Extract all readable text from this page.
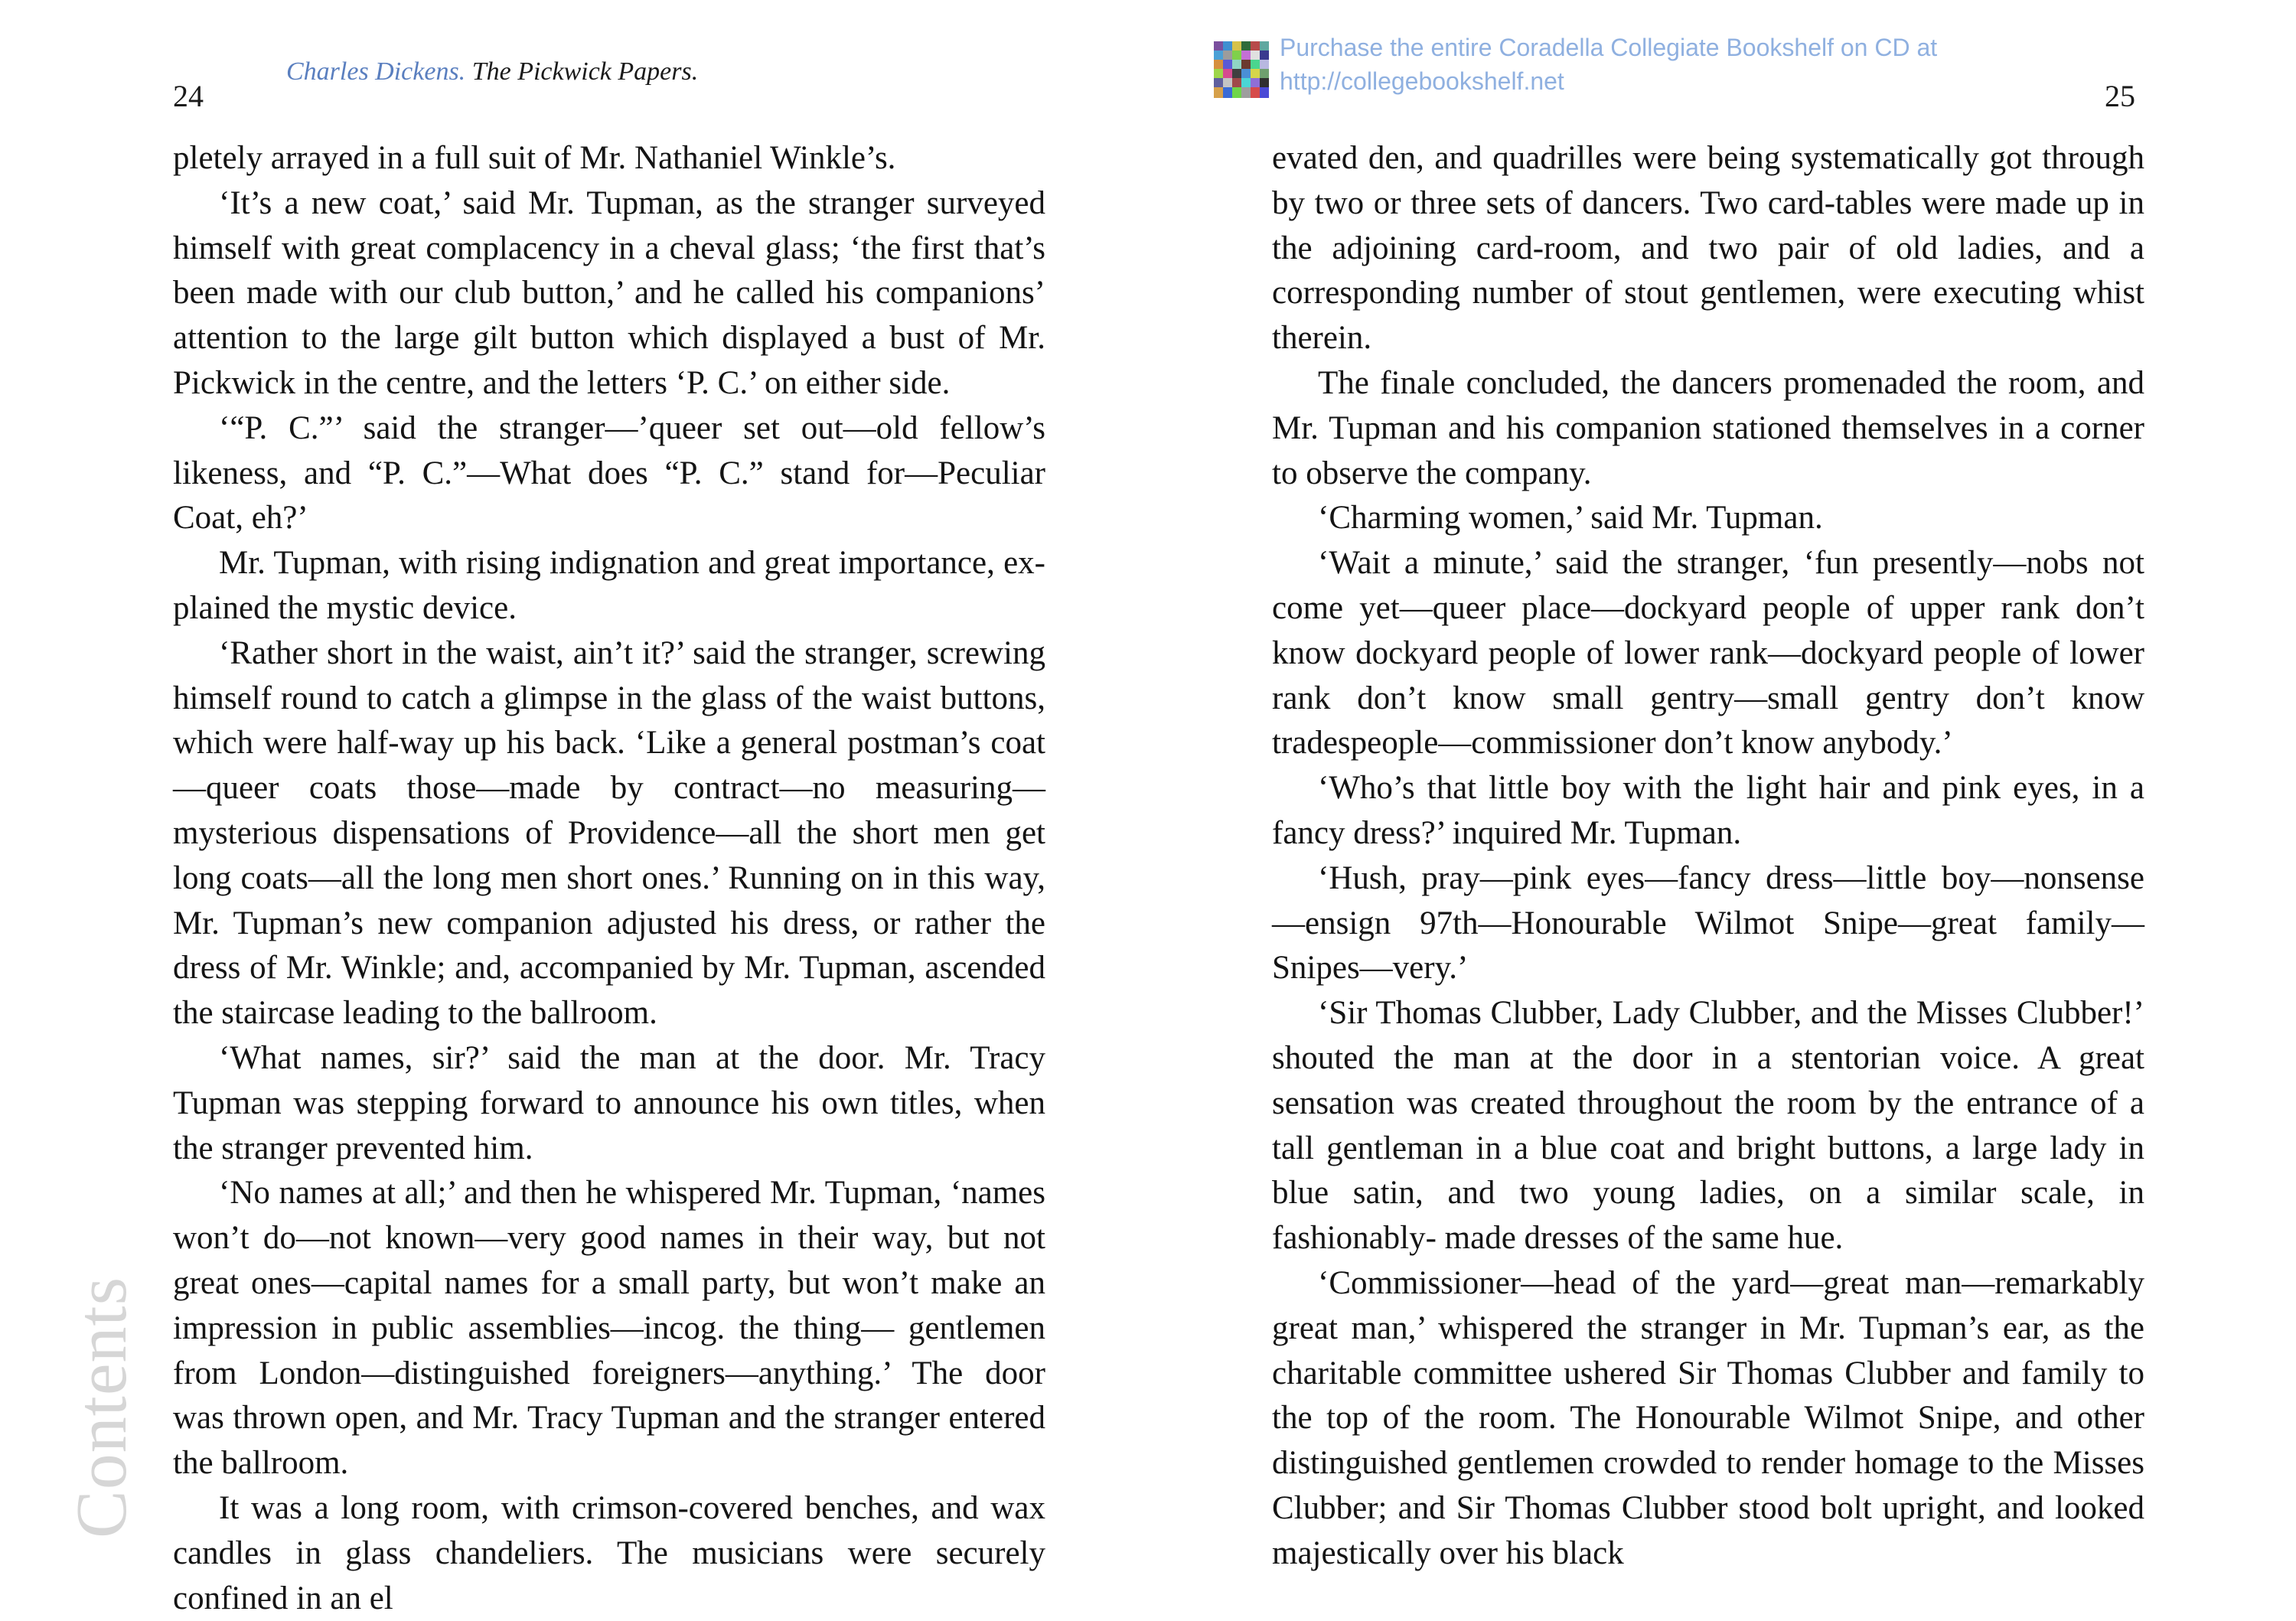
24
Charles Dickens. The Pickwick Papers.

pletely arrayed in a full suit of Mr. Nathaniel Winkle’s.

‘It’s a new coat,’ said Mr. Tupman, as the stranger surveyed himself with great complacency in a cheval glass; ‘the first that’s been made with our club button,’ and he called his companions’ attention to the large gilt button which displayed a bust of Mr. Pickwick in the centre, and the letters ‘P. C.’ on either side.

‘“P. C.”’ said the stranger—’queer set out—old fellow’s likeness, and “P. C.”—What does “P. C.” stand for—Peculiar Coat, eh?’

Mr. Tupman, with rising indignation and great importance, explained the mystic device.

‘Rather short in the waist, ain’t it?’ said the stranger, screwing himself round to catch a glimpse in the glass of the waist buttons, which were half-way up his back. ‘Like a general postman’s coat —queer coats those—made by contract—no measuring— mysterious dispensations of Providence—all the short men get long coats—all the long men short ones.’ Running on in this way, Mr. Tupman’s new companion adjusted his dress, or rather the dress of Mr. Winkle; and, accompanied by Mr. Tupman, ascended the staircase leading to the ballroom.

‘What names, sir?’ said the man at the door. Mr. Tracy Tupman was stepping forward to announce his own titles, when the stranger prevented him.

‘No names at all;’ and then he whispered Mr. Tupman, ‘names won’t do—not known—very good names in their way, but not great ones—capital names for a small party, but won’t make an impression in public assemblies—incog. the thing— gentlemen from London—distinguished foreigners—anything.’ The door was thrown open, and Mr. Tracy Tupman and the stranger entered the ballroom.

It was a long room, with crimson-covered benches, and wax candles in glass chandeliers. The musicians were securely confined in an el

25

evated den, and quadrilles were being systematically got through by two or three sets of dancers. Two card-tables were made up in the adjoining card-room, and two pair of old ladies, and a corresponding number of stout gentlemen, were executing whist therein.

The finale concluded, the dancers promenaded the room, and Mr. Tupman and his companion stationed themselves in a corner to observe the company.

‘Charming women,’ said Mr. Tupman.

‘Wait a minute,’ said the stranger, ‘fun presently—nobs not come yet—queer place—dockyard people of upper rank don’t know dockyard people of lower rank—dockyard people of lower rank don’t know small gentry—small gentry don’t know tradespeople—commissioner don’t know anybody.’

‘Who’s that little boy with the light hair and pink eyes, in a fancy dress?’ inquired Mr. Tupman.

‘Hush, pray—pink eyes—fancy dress—little boy—nonsense—ensign 97th—Honourable Wilmot Snipe—great family—Snipes—very.’

‘Sir Thomas Clubber, Lady Clubber, and the Misses Clubber!’ shouted the man at the door in a stentorian voice. A great sensation was created throughout the room by the entrance of a tall gentleman in a blue coat and bright buttons, a large lady in blue satin, and two young ladies, on a similar scale, in fashionably- made dresses of the same hue.

‘Commissioner—head of the yard—great man—remarkably great man,’ whispered the stranger in Mr. Tupman’s ear, as the charitable committee ushered Sir Thomas Clubber and family to the top of the room. The Honourable Wilmot Snipe, and other distinguished gentlemen crowded to render homage to the Misses Clubber; and Sir Thomas Clubber stood bolt upright, and looked majestically over his black

Purchase the entire Coradella Collegiate Bookshelf on CD at
http://collegebookshelf.net
Contents
